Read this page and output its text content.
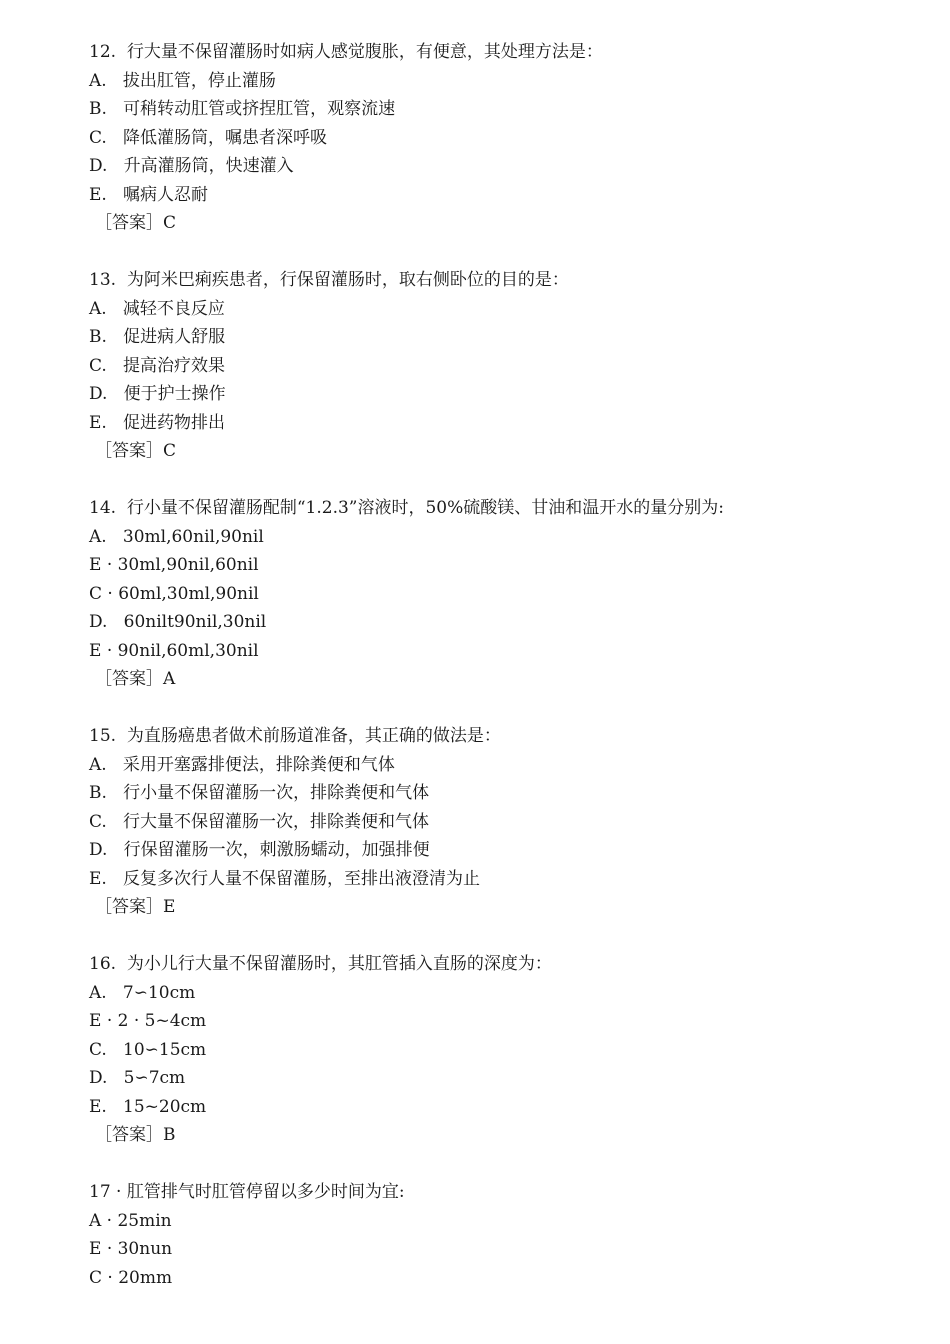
12.  行大量不保留灌肠时如病人感觉腹胀，有便意，其处理方法是：
A.   拔出肛管，停止灌肠
B.   可稍转动肛管或挤捏肛管，观察流速
C.   降低灌肠筒，嘱患者深呼吸
D.   升高灌肠筒，快速灌入
E.   嘱病人忍耐
［答案］C
13.  为阿米巴痢疾患者，行保留灌肠时，取右侧卧位的目的是：
A.   减轻不良反应
B.   促进病人舒服
C.   提高治疗效果
D.   便于护士操作
E.   促进药物排出
［答案］C
14.  行小量不保留灌肠配制“1.2.3”溶液时，50%硫酸镁、甘油和温开水的量分别为:
A.   30ml,60nil,90nil
E · 30ml,90nil,60nil
C · 60ml,30ml,90nil
D.   60nilt90nil,30nil
E · 90nil,60ml,30nil
［答案］A
15.  为直肠癌患者做术前肠道准备，其正确的做法是：
A.   采用开塞露排便法，排除粪便和气体
B.   行小量不保留灌肠一次，排除粪便和气体
C.   行大量不保留灌肠一次，排除粪便和气体
D.   行保留灌肠一次，刺激肠蠕动，加强排便
E.   反复多次行人量不保留灌肠，至排出液澄清为止
［答案］E
16.  为小儿行大量不保留灌肠时，其肛管插入直肠的深度为：
A.   7∽10cm
E · 2 · 5~4cm
C.   10∽15cm
D.   5∽7cm
E.   15~20cm
［答案］B
17 · 肛管排气时肛管停留以多少时间为宜:
A · 25min
E · 30nun
C · 20mm
